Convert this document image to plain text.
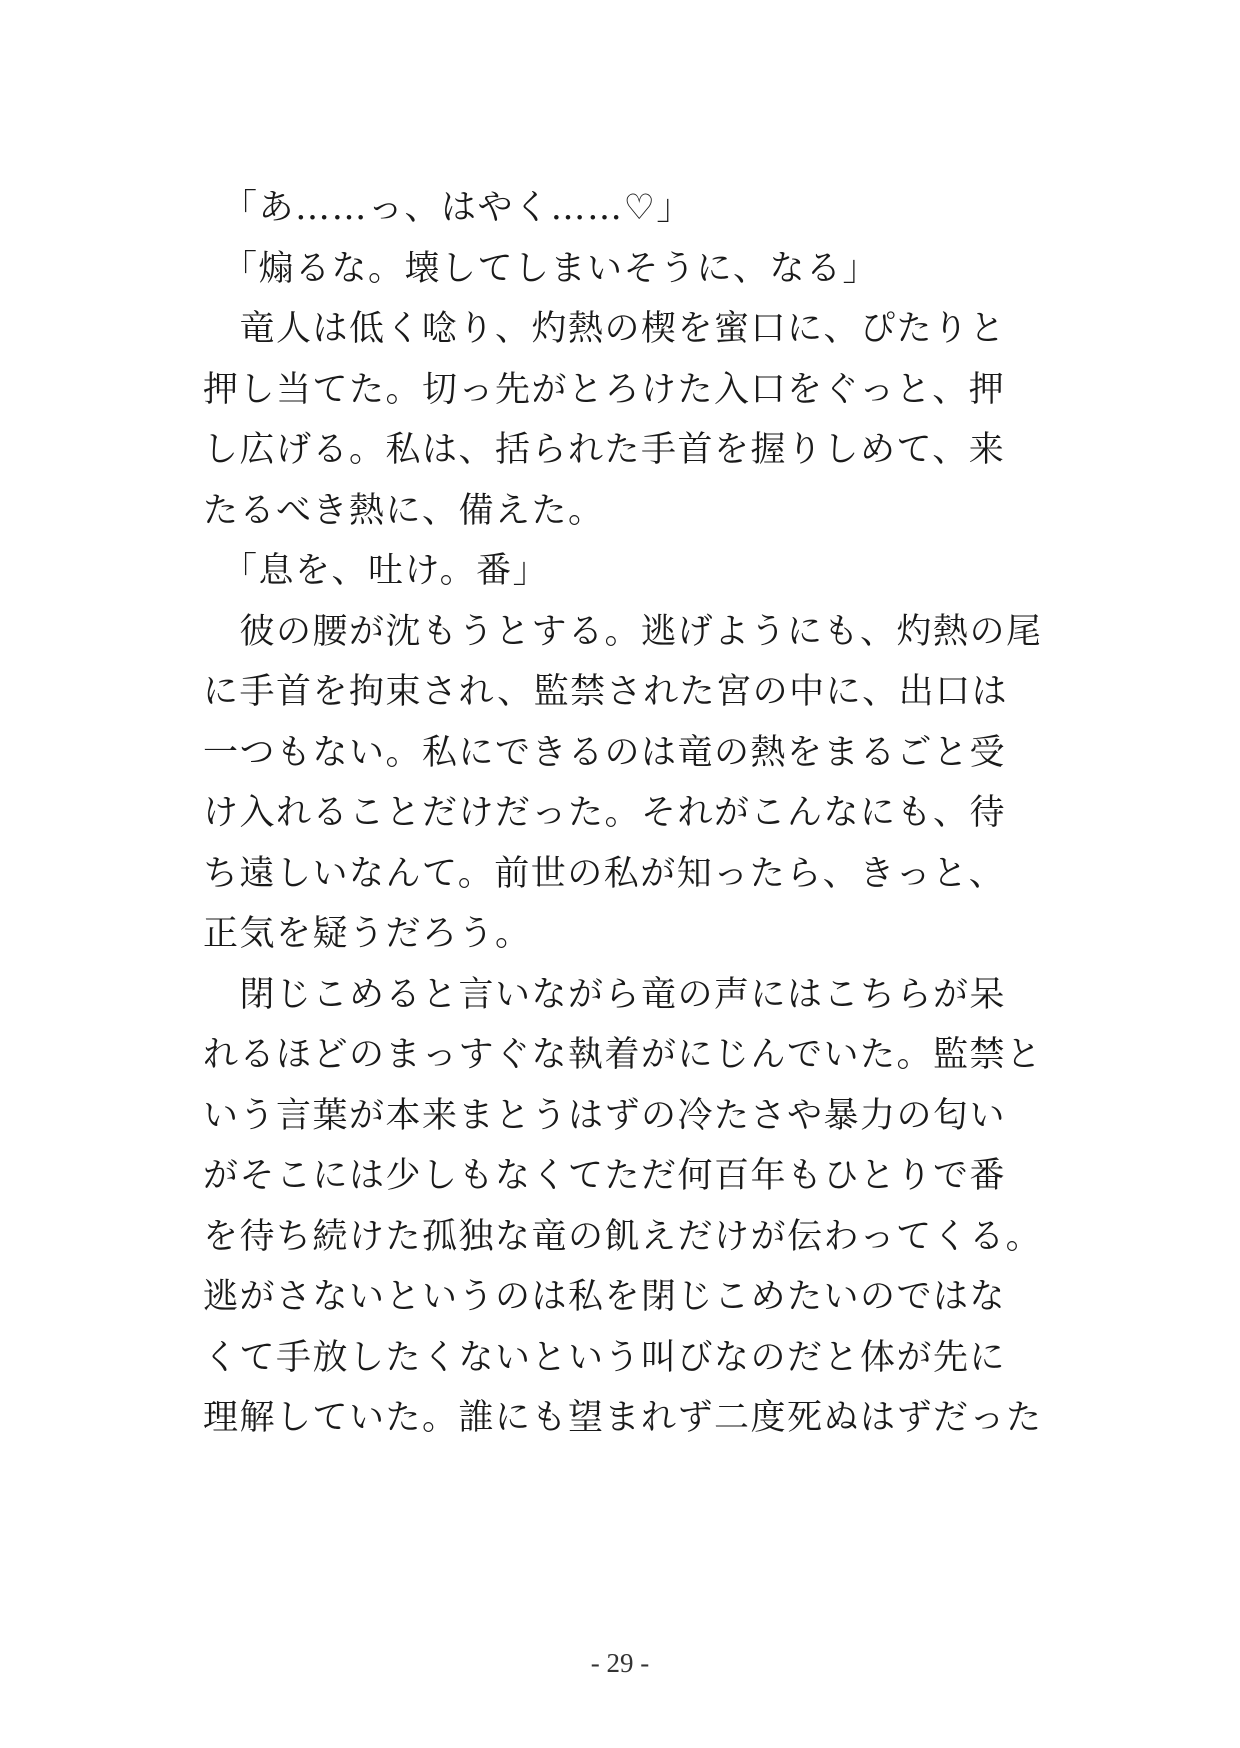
「あ……っ、はやく……♡」
「煽るな。壊してしまいそうに、なる」
竜人は低く唸り、灼熱の楔を蜜口に、ぴたりと
押し当てた。切っ先がとろけた入口をぐっと、押
し広げる。私は、括られた手首を握りしめて、来
たるべき熱に、備えた。
「息を、吐け。番」
彼の腰が沈もうとする。逃げようにも、灼熱の尾
に手首を拘束され、監禁された宮の中に、出口は
一つもない。私にできるのは竜の熱をまるごと受
け入れることだけだった。それがこんなにも、待
ち遠しいなんて。前世の私が知ったら、きっと、
正気を疑うだろう。
閉じこめると言いながら竜の声にはこちらが呆
れるほどのまっすぐな執着がにじんでいた。監禁と
いう言葉が本来まとうはずの冷たさや暴力の匂い
がそこには少しもなくてただ何百年もひとりで番
を待ち続けた孤独な竜の飢えだけが伝わってくる。
逃がさないというのは私を閉じこめたいのではな
くて手放したくないという叫びなのだと体が先に
理解していた。誰にも望まれず二度死ぬはずだった
- 29 -
